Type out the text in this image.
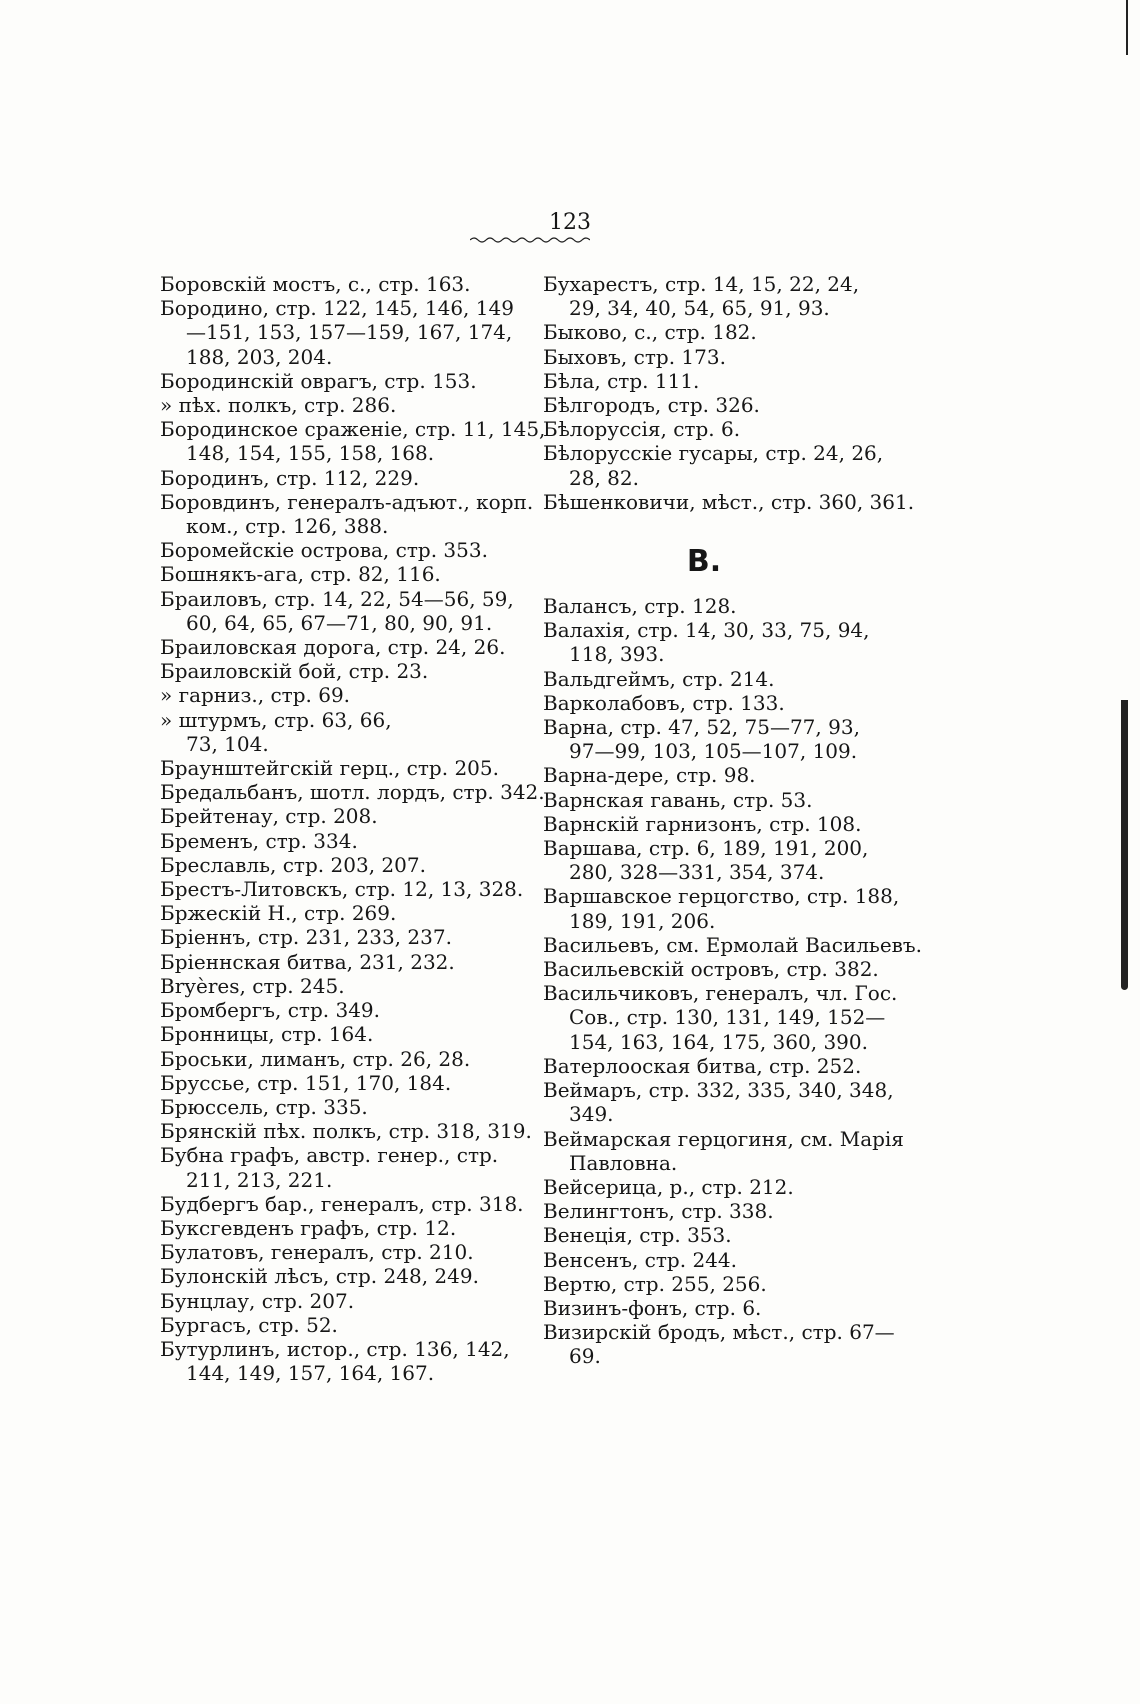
123
Боровскій мостъ, с., стр. 163.
Бородино, стр. 122, 145, 146, 149
—151, 153, 157—159, 167, 174,
188, 203, 204.
Бородинскій оврагъ, стр. 153.
» пѣх. полкъ, стр. 286.
Бородинское сраженіе, стр. 11, 145,
148, 154, 155, 158, 168.
Бородинъ, стр. 112, 229.
Боровдинъ, генералъ-адъют., корп.
ком., стр. 126, 388.
Боромейскіе острова, стр. 353.
Бошнякъ-ага, стр. 82, 116.
Браиловъ, стр. 14, 22, 54—56, 59,
60, 64, 65, 67—71, 80, 90, 91.
Браиловская дорога, стр. 24, 26.
Браиловскій бой, стр. 23.
» гарниз., стр. 69.
» штурмъ, стр. 63, 66,
73, 104.
Браунштейгскій герц., стр. 205.
Бредальбанъ, шотл. лордъ, стр. 342.
Брейтенау, стр. 208.
Бременъ, стр. 334.
Бреславль, стр. 203, 207.
Брестъ-Литовскъ, стр. 12, 13, 328.
Бржескій Н., стр. 269.
Бріеннъ, стр. 231, 233, 237.
Бріеннская битва, 231, 232.
Brуères, стр. 245.
Бромбергъ, стр. 349.
Бронницы, стр. 164.
Броськи, лиманъ, стр. 26, 28.
Бруссье, стр. 151, 170, 184.
Брюссель, стр. 335.
Брянскій пѣх. полкъ, стр. 318, 319.
Бубна графъ, австр. генер., стр.
211, 213, 221.
Будбергъ бар., генералъ, стр. 318.
Буксгевденъ графъ, стр. 12.
Булатовъ, генералъ, стр. 210.
Булонскій лѣсъ, стр. 248, 249.
Бунцлау, стр. 207.
Бургасъ, стр. 52.
Бутурлинъ, истор., стр. 136, 142,
144, 149, 157, 164, 167.
Бухарестъ, стр. 14, 15, 22, 24,
29, 34, 40, 54, 65, 91, 93.
Быково, с., стр. 182.
Быховъ, стр. 173.
Бѣла, стр. 111.
Бѣлгородъ, стр. 326.
Бѣлоруссія, стр. 6.
Бѣлорусскіе гусары, стр. 24, 26,
28, 82.
Бѣшенковичи, мѣст., стр. 360, 361.
В.
Валансъ, стр. 128.
Валахія, стр. 14, 30, 33, 75, 94,
118, 393.
Вальдгеймъ, стр. 214.
Варколабовъ, стр. 133.
Варна, стр. 47, 52, 75—77, 93,
97—99, 103, 105—107, 109.
Варна-дере, стр. 98.
Варнская гавань, стр. 53.
Варнскій гарнизонъ, стр. 108.
Варшава, стр. 6, 189, 191, 200,
280, 328—331, 354, 374.
Варшавское герцогство, стр. 188,
189, 191, 206.
Васильевъ, см. Ермолай Васильевъ.
Васильевскій островъ, стр. 382.
Васильчиковъ, генералъ, чл. Гос.
Сов., стр. 130, 131, 149, 152—
154, 163, 164, 175, 360, 390.
Ватерлооская битва, стр. 252.
Веймаръ, стр. 332, 335, 340, 348,
349.
Веймарская герцогиня, см. Марія
Павловна.
Вейсерица, р., стр. 212.
Велингтонъ, стр. 338.
Венеція, стр. 353.
Венсенъ, стр. 244.
Вертю, стр. 255, 256.
Визинъ-фонъ, стр. 6.
Визирскій бродъ, мѣст., стр. 67—
69.
